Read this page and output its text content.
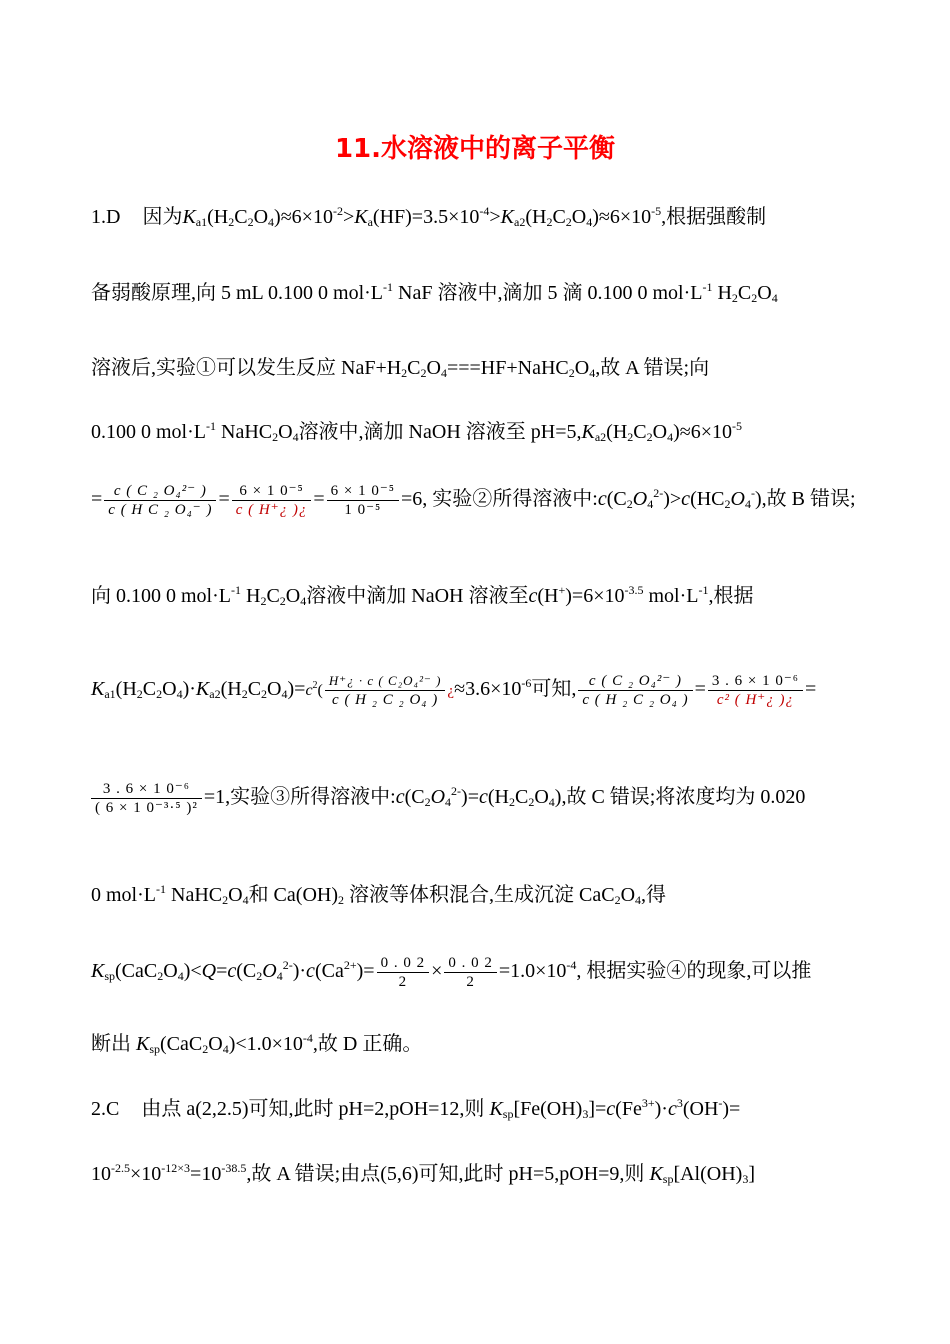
11.水溶液中的离子平衡
1.D 因为$K_{a1}(H_2C_2O_4)\approx 6\times 10^{-2}>K_a(HF)=3.5\times 10^{-4}>K_{a2}(H_2C_2O_4)\approx 6\times 10^{-5}$,根据强酸制
备弱酸原理,向 5 mL 0.100 0 $mol\cdot L^{-1}$ NaF 溶液中,滴加 5 滴 0.100 0 $mol\cdot L^{-1}$ $H_2C_2O_4$
溶液后,实验①可以发生反应 $NaF+H_2C_2O_4===HF+NaHC_2O_4$,故 A 错误;向
0.100 0 $mol\cdot L^{-1}$ $NaHC_2O_4$溶液中,滴加 NaOH 溶液至 $pH=5,K_{a2}(H_2C_2O_4)\approx 6\times 10^{-5}$
= $\frac{\text{c ( C ₂ O₄²⁻ )}}{\text{c ( H C ₂ O₄⁻ )}} = \frac{\text{6 × 1 0⁻⁵}}{c ( H^+¿ )¿} = \frac{\text{6 × 1 0⁻⁵}}{\text{1 0⁻⁵}} =6$, 实验②所得溶液中$:c(C_2O_4^{2-})>c(HC_2O_4^-)$,故 B 错误;
向 0.100 0 $mol\cdot L^{-1}$ $H_2C_2O_4$溶液中滴加 NaOH 溶液至$c(H^+)=6\times 10^{-3.5}$ $mol\cdot L^{-1}$,根据
$K_{a1}(H_2C_2O_4)\cdot K_{a2}(H_2C_2O_4)=c^2( \frac{\text{H⁺¿ · c ( C₂O₄²⁻ )}}{\text{c ( H ₂ C ₂ O₄ )}}$ ¿$\approx 3.6\times 10^{-6}$可知, $\frac{\text{c ( C ₂ O₄²⁻ )}}{\text{c ( H ₂ C ₂ O₄ )}} = \frac{\text{3 . 6 × 1 0⁻⁶}}{\text{c² ( H⁺¿ )¿}}$ =
$\frac{\text{3 . 6 × 1 0⁻⁶}}{\text{( 6 × 1 0⁻³·⁵ )²}} =1$,实验③所得溶液中$:c(C_2O_4^{2-})=c(H_2C_2O_4)$,故 C 错误;将浓度均为 0.020
0 $mol\cdot L^{-1}$ $NaHC_2O_4$和 $Ca(OH)_2$ 溶液等体积混合,生成沉淀 $CaC_2O_4$,得
$K_{sp}(CaC_2O_4)<Q=c(C_2O_4^{2-})\cdot c(Ca^{2+})= \frac{0 . 0 2}{2} \times \frac{0 . 0 2}{2} =1.0\times 10^{-4}$, 根据实验④的现象,可以推
断出 $K_{sp}(CaC_2O_4)<1.0\times 10^{-4}$,故 D 正确。
2.C 由点 a(2,2.5)可知,此时 pH=2,pOH=12,则 $K_{sp}[Fe(OH)_3]=c(Fe^{3+})\cdot c^3(OH^-)=$
$10^{-2.5}\times 10^{-12\times 3}=10^{-38.5}$,故 A 错误;由点(5,6)可知,此时 pH=5,pOH=9,则 $K_{sp}[Al(OH)_3]$
